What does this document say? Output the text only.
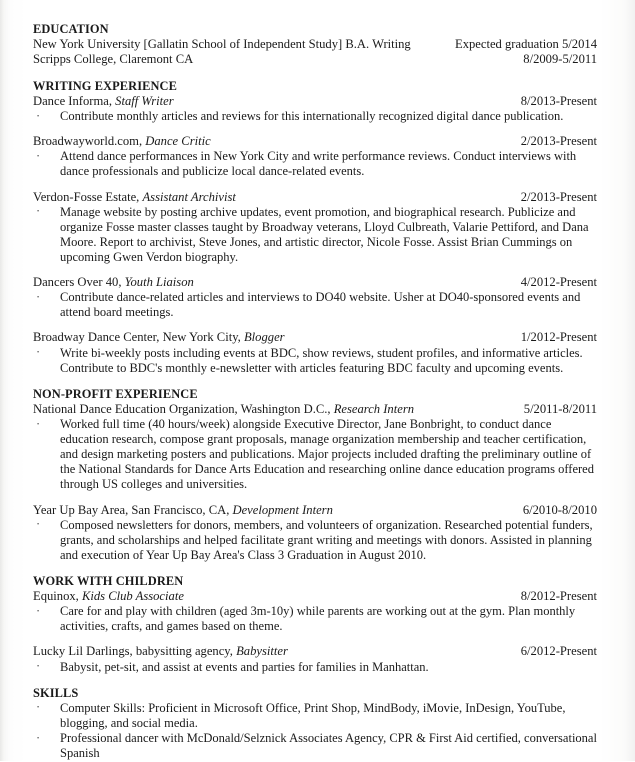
EDUCATION
New York University [Gallatin School of Independent Study] B.A. Writing	Expected graduation 5/2014
Scripps College, Claremont CA	8/2009-5/2011
WRITING EXPERIENCE
Dance Informa, Staff Writer	8/2013-Present
· Contribute monthly articles and reviews for this internationally recognized digital dance publication.
Broadwayworld.com, Dance Critic	2/2013-Present
· Attend dance performances in New York City and write performance reviews. Conduct interviews with dance professionals and publicize local dance-related events.
Verdon-Fosse Estate, Assistant Archivist	2/2013-Present
· Manage website by posting archive updates, event promotion, and biographical research. Publicize and organize Fosse master classes taught by Broadway veterans, Lloyd Culbreath, Valarie Pettiford, and Dana Moore. Report to archivist, Steve Jones, and artistic director, Nicole Fosse. Assist Brian Cummings on upcoming Gwen Verdon biography.
Dancers Over 40, Youth Liaison	4/2012-Present
· Contribute dance-related articles and interviews to DO40 website. Usher at DO40-sponsored events and attend board meetings.
Broadway Dance Center, New York City, Blogger	1/2012-Present
· Write bi-weekly posts including events at BDC, show reviews, student profiles, and informative articles. Contribute to BDC's monthly e-newsletter with articles featuring BDC faculty and upcoming events.
NON-PROFIT EXPERIENCE
National Dance Education Organization, Washington D.C., Research Intern	5/2011-8/2011
· Worked full time (40 hours/week) alongside Executive Director, Jane Bonbright, to conduct dance education research, compose grant proposals, manage organization membership and teacher certification, and design marketing posters and publications. Major projects included drafting the preliminary outline of the National Standards for Dance Arts Education and researching online dance education programs offered through US colleges and universities.
Year Up Bay Area, San Francisco, CA, Development Intern	6/2010-8/2010
· Composed newsletters for donors, members, and volunteers of organization. Researched potential funders, grants, and scholarships and helped facilitate grant writing and meetings with donors. Assisted in planning and execution of Year Up Bay Area's Class 3 Graduation in August 2010.
WORK WITH CHILDREN
Equinox, Kids Club Associate	8/2012-Present
· Care for and play with children (aged 3m-10y) while parents are working out at the gym. Plan monthly activities, crafts, and games based on theme.
Lucky Lil Darlings, babysitting agency, Babysitter	6/2012-Present
· Babysit, pet-sit, and assist at events and parties for families in Manhattan.
SKILLS
· Computer Skills: Proficient in Microsoft Office, Print Shop, MindBody, iMovie, InDesign, YouTube, blogging, and social media.
· Professional dancer with McDonald/Selznick Associates Agency, CPR & First Aid certified, conversational Spanish
